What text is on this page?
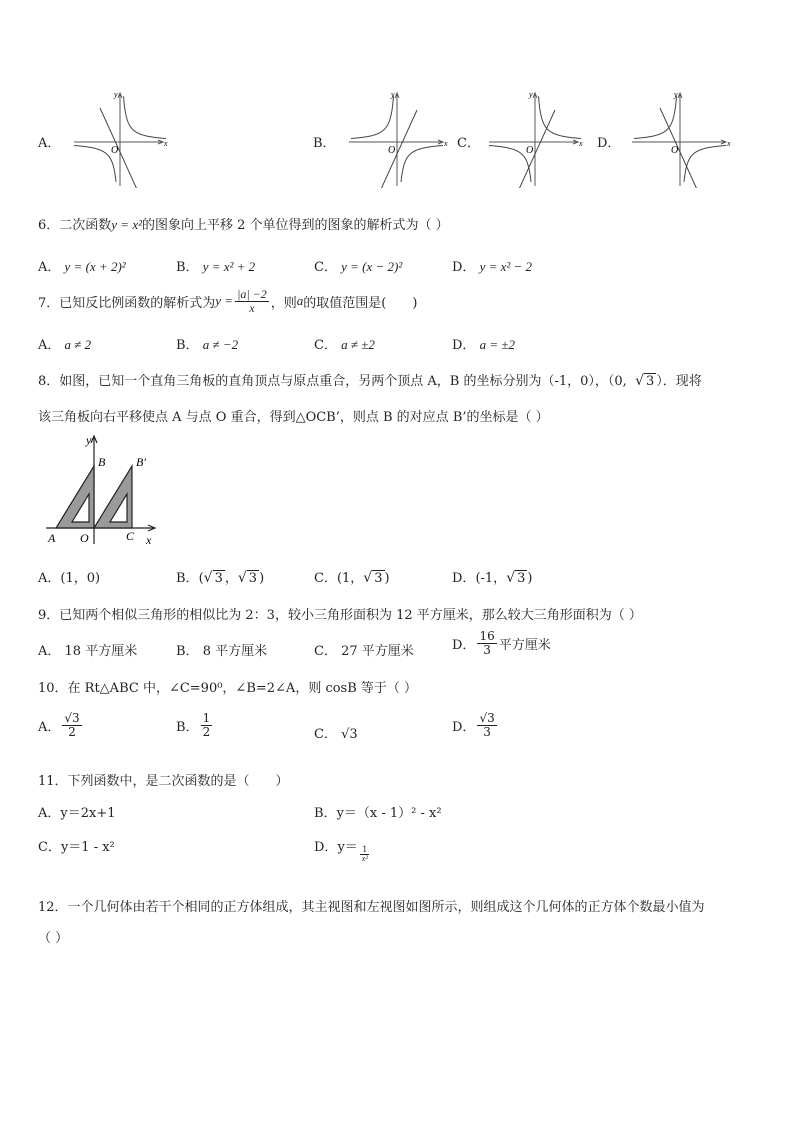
A．
y
x
O	B．
y
x
O	C．
y
x
O	D．
y
x
O
6．二次函数y = x²的图象向上平移 2 个单位得到的图象的解析式为（ ）
A． y = (x + 2)²	B． y = x² + 2	C． y = (x − 2)²	D． y = x² − 2
7．已知反比例函数的解析式为 $y = \frac{|a| -2}{x}$ ，则 a 的取值范围是(　　)
A． a ≠ 2	B． a ≠ −2	C． a ≠ ±2	D． a = ±2
8．如图，已知一个直角三角板的直角顶点与原点重合，另两个顶点 A，B 的坐标分别为（-1，0），（0, √ 3 ）．现将
该三角板向右平移使点 A 与点 O 重合，得到△OCB’，则点 B 的对应点 B’的坐标是（ ）
y
B	B′
A O	C x
A．(1，0)	B．(√ 3 ，√ 3 )	C．(1，√ 3 )	D．(-1，√ 3 )
9．已知两个相似三角形的相似比为 2：3，较小三角形面积为 12 平方厘米，那么较大三角形面积为（ ）
A． 18 平方厘米	B． 8 平方厘米	C． 27 平方厘米	D． $\frac{16}{3}$ 平方厘米
10．在 Rt△ABC 中，∠C=90⁰，∠B=2∠A，则 cosB 等于（ ）
A． $\frac{√3}{2}$	B． $\frac{1}{2}$	C． √3	D． $\frac{√3}{3}$
11．下列函数中，是二次函数的是（　　）
A．y＝2x+1	B．y＝（x - 1）² - x²
C．y＝1 - x²	D． $y= \frac{1}{\text{x²}}$
12．一个几何体由若干个相同的正方体组成，其主视图和左视图如图所示，则组成这个几何体的正方体个数最小值为
（ ）
